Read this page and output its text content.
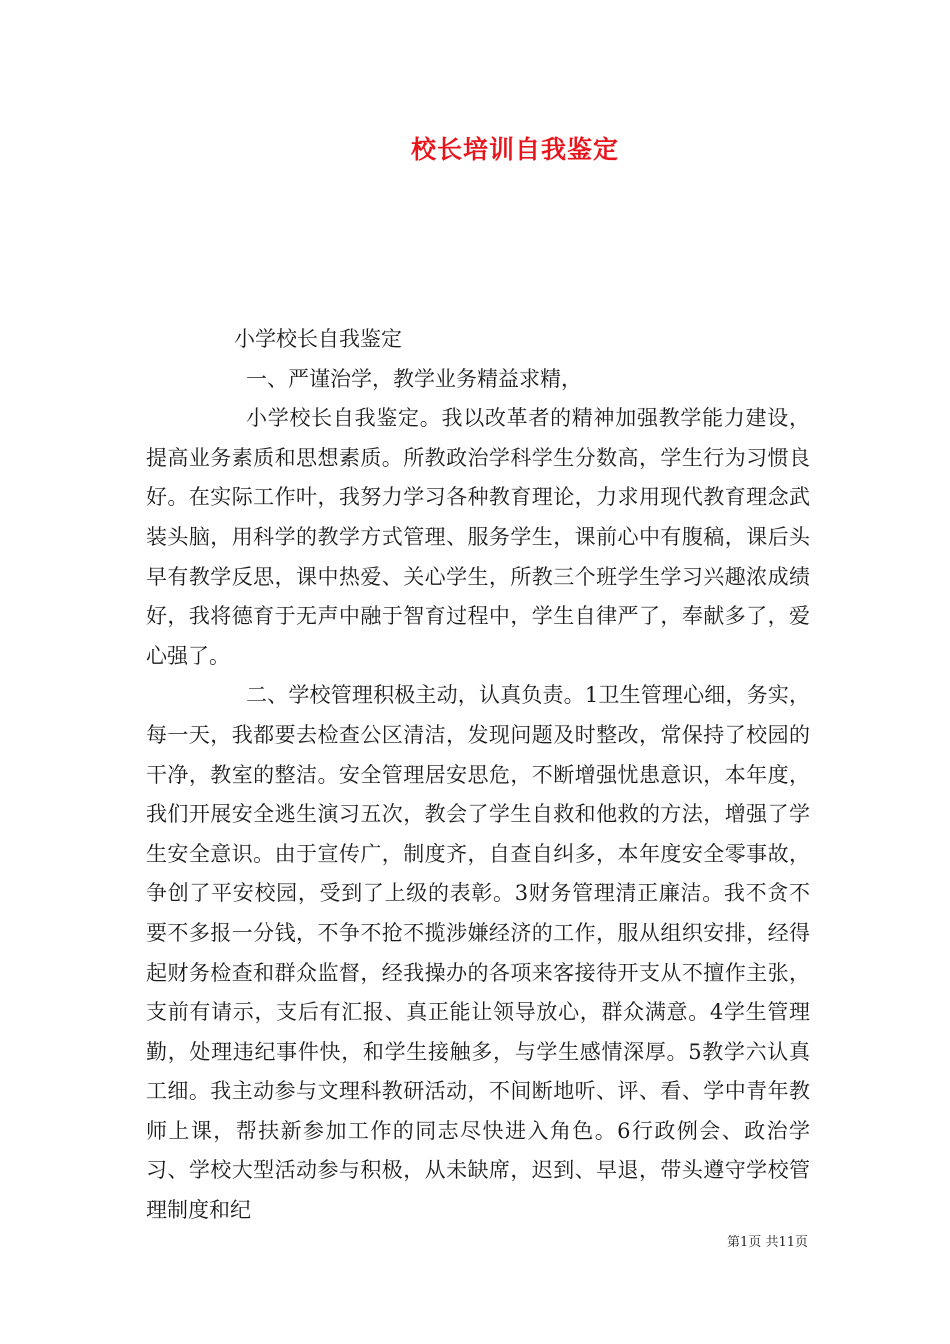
校长培训自我鉴定

小学校长自我鉴定

一、严谨治学，教学业务精益求精，

小学校长自我鉴定。我以改革者的精神加强教学能力建设，提高业务素质和思想素质。所教政治学科学生分数高，学生行为习惯良好。在实际工作叶，我努力学习各种教育理论，力求用现代教育理念武装头脑，用科学的教学方式管理、服务学生，课前心中有腹稿，课后头早有教学反思，课中热爱、关心学生，所教三个班学生学习兴趣浓成绩好，我将德育于无声中融于智育过程中，学生自律严了，奉献多了，爱心强了。

二、学校管理积极主动，认真负责。1卫生管理心细，务实，每一天，我都要去检查公区清洁，发现问题及时整改，常保持了校园的干净，教室的整洁。安全管理居安思危，不断增强忧患意识，本年度，我们开展安全逃生演习五次，教会了学生自救和他救的方法，增强了学生安全意识。由于宣传广，制度齐，自查自纠多，本年度安全零事故，争创了平安校园，受到了上级的表彰。3财务管理清正廉洁。我不贪不要不多报一分钱，不争不抢不揽涉嫌经济的工作，服从组织安排，经得起财务检查和群众监督，经我操办的各项来客接待开支从不擅作主张，支前有请示，支后有汇报、真正能让领导放心，群众满意。4学生管理勤，处理违纪事件快，和学生接触多，与学生感情深厚。5教学六认真工细。我主动参与文理科教研活动，不间断地听、评、看、学中青年教师上课，帮扶新参加工作的同志尽快进入角色。6行政例会、政治学习、学校大型活动参与积极，从未缺席，迟到、早退，带头遵守学校管理制度和纪

第1页 共11页
